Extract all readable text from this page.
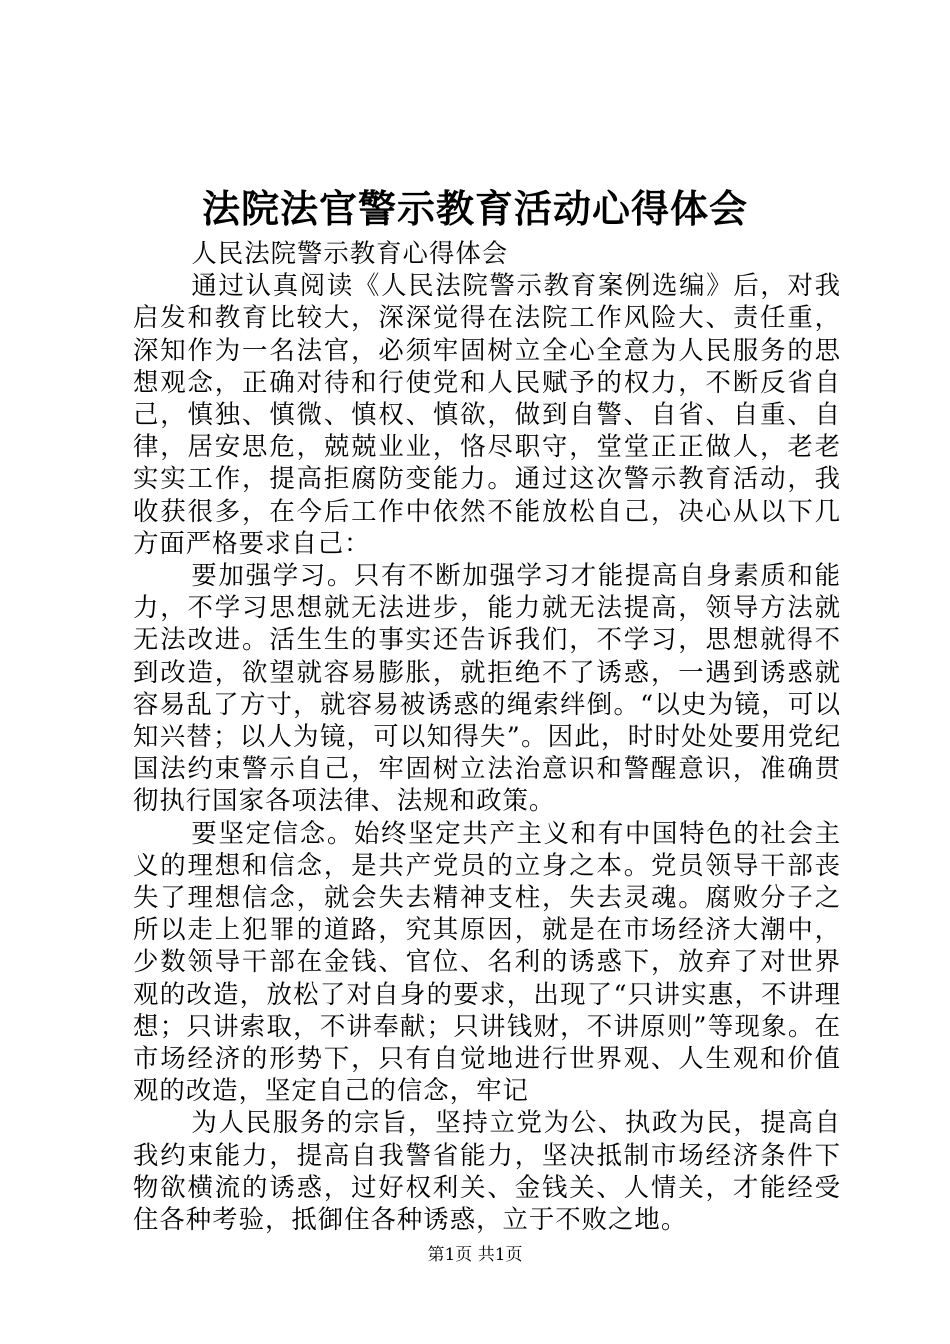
法院法官警示教育活动心得体会

人民法院警示教育心得体会

通过认真阅读《人民法院警示教育案例选编》后，对我启发和教育比较大，深深觉得在法院工作风险大、责任重，深知作为一名法官，必须牢固树立全心全意为人民服务的思想观念，正确对待和行使党和人民赋予的权力，不断反省自己，慎独、慎微、慎权、慎欲，做到自警、自省、自重、自律，居安思危，兢兢业业，恪尽职守，堂堂正正做人，老老实实工作，提高拒腐防变能力。通过这次警示教育活动，我收获很多，在今后工作中依然不能放松自己，决心从以下几方面严格要求自己：

要加强学习。只有不断加强学习才能提高自身素质和能力，不学习思想就无法进步，能力就无法提高，领导方法就无法改进。活生生的事实还告诉我们，不学习，思想就得不到改造，欲望就容易膨胀，就拒绝不了诱惑，一遇到诱惑就容易乱了方寸，就容易被诱惑的绳索绊倒。“以史为镜，可以知兴替；以人为镜，可以知得失”。因此，时时处处要用党纪国法约束警示自己，牢固树立法治意识和警醒意识，准确贯彻执行国家各项法律、法规和政策。

要坚定信念。始终坚定共产主义和有中国特色的社会主义的理想和信念，是共产党员的立身之本。党员领导干部丧失了理想信念，就会失去精神支柱，失去灵魂。腐败分子之所以走上犯罪的道路，究其原因，就是在市场经济大潮中，少数领导干部在金钱、官位、名利的诱惑下，放弃了对世界观的改造，放松了对自身的要求，出现了“只讲实惠，不讲理想；只讲索取，不讲奉献；只讲钱财，不讲原则”等现象。在市场经济的形势下，只有自觉地进行世界观、人生观和价值观的改造，坚定自己的信念，牢记

为人民服务的宗旨，坚持立党为公、执政为民，提高自我约束能力，提高自我警省能力，坚决抵制市场经济条件下物欲横流的诱惑，过好权利关、金钱关、人情关，才能经受住各种考验，抵御住各种诱惑，立于不败之地。

第1页 共1页
